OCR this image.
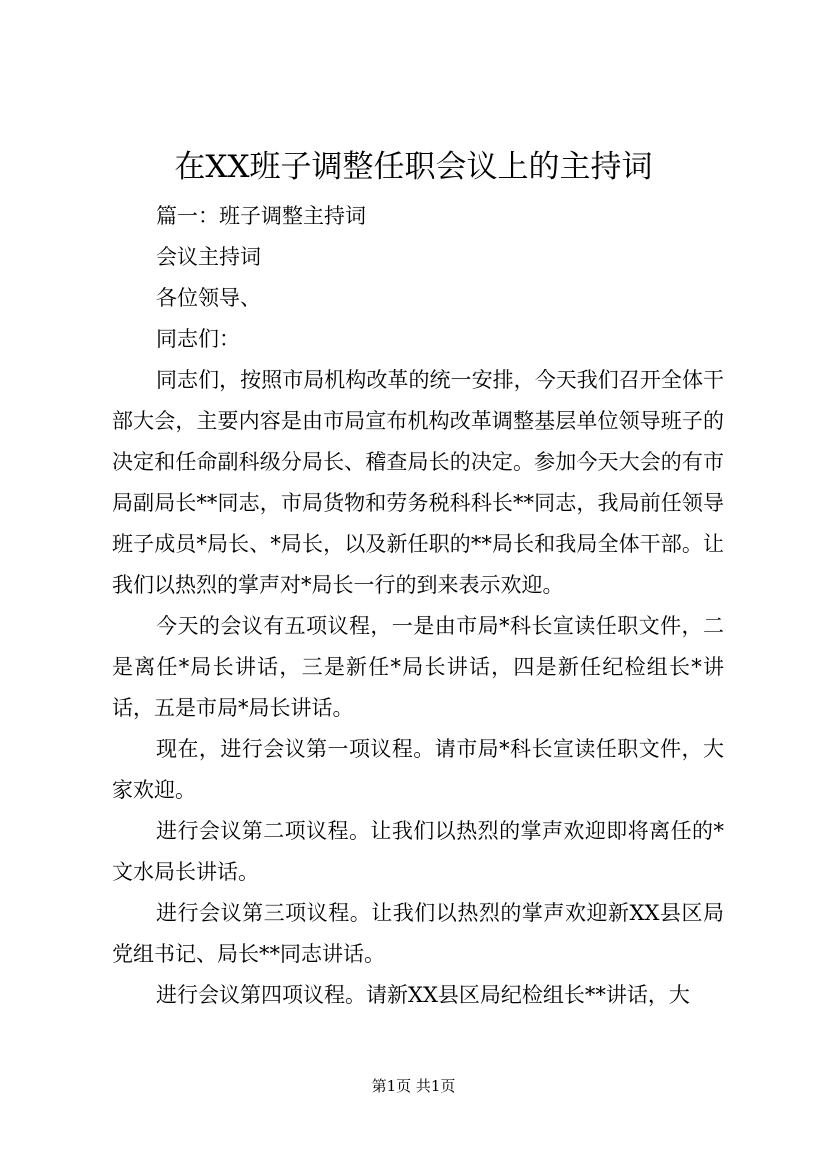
在XX班子调整任职会议上的主持词

篇一：班子调整主持词

会议主持词

各位领导、

同志们：

同志们，按照市局机构改革的统一安排，今天我们召开全体干部大会，主要内容是由市局宣布机构改革调整基层单位领导班子的决定和任命副科级分局长、稽查局长的决定。参加今天大会的有市局副局长**同志，市局货物和劳务税科科长**同志，我局前任领导班子成员*局长、*局长，以及新任职的**局长和我局全体干部。让我们以热烈的掌声对*局长一行的到来表示欢迎。

今天的会议有五项议程，一是由市局*科长宣读任职文件，二是离任*局长讲话，三是新任*局长讲话，四是新任纪检组长*讲话，五是市局*局长讲话。

现在，进行会议第一项议程。请市局*科长宣读任职文件，大家欢迎。

进行会议第二项议程。让我们以热烈的掌声欢迎即将离任的*文水局长讲话。

进行会议第三项议程。让我们以热烈的掌声欢迎新XX县区局党组书记、局长**同志讲话。

进行会议第四项议程。请新XX县区局纪检组长**讲话，大

第1页 共1页
